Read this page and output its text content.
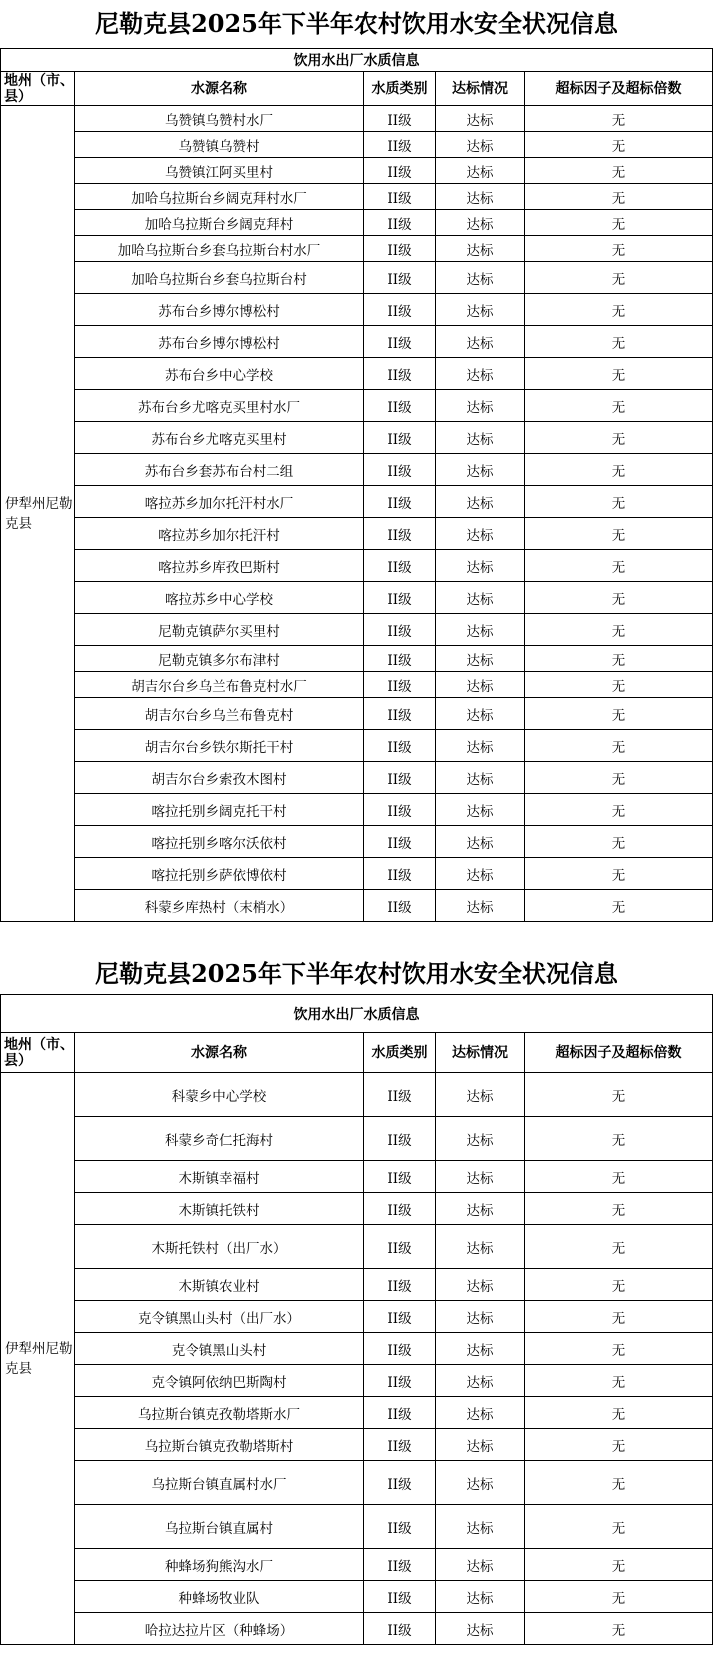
尼勒克县2025年下半年农村饮用水安全状况信息
饮用水出厂水质信息				
地州（市、县）	水源名称	水质类别	达标情况	超标因子及超标倍数
伊犁州尼勒克县	乌赞镇乌赞村水厂	II级	达标	无
	乌赞镇乌赞村	II级	达标	无
	乌赞镇江阿买里村	II级	达标	无
	加哈乌拉斯台乡阔克拜村水厂	II级	达标	无
	加哈乌拉斯台乡阔克拜村	II级	达标	无
	加哈乌拉斯台乡套乌拉斯台村水厂	II级	达标	无
	加哈乌拉斯台乡套乌拉斯台村	II级	达标	无
	苏布台乡博尔博松村	II级	达标	无
	苏布台乡博尔博松村	II级	达标	无
	苏布台乡中心学校	II级	达标	无
	苏布台乡尤喀克买里村水厂	II级	达标	无
	苏布台乡尤喀克买里村	II级	达标	无
	苏布台乡套苏布台村二组	II级	达标	无
	喀拉苏乡加尔托汗村水厂	II级	达标	无
	喀拉苏乡加尔托汗村	II级	达标	无
	喀拉苏乡库孜巴斯村	II级	达标	无
	喀拉苏乡中心学校	II级	达标	无
	尼勒克镇萨尔买里村	II级	达标	无
	尼勒克镇多尔布津村	II级	达标	无
	胡吉尔台乡乌兰布鲁克村水厂	II级	达标	无
	胡吉尔台乡乌兰布鲁克村	II级	达标	无
	胡吉尔台乡铁尔斯托干村	II级	达标	无
	胡吉尔台乡索孜木图村	II级	达标	无
	喀拉托别乡阔克托干村	II级	达标	无
	喀拉托别乡喀尔沃依村	II级	达标	无
	喀拉托别乡萨依博依村	II级	达标	无
	科蒙乡库热村（末梢水）	II级	达标	无
尼勒克县2025年下半年农村饮用水安全状况信息
饮用水出厂水质信息				
地州（市、县）	水源名称	水质类别	达标情况	超标因子及超标倍数
伊犁州尼勒克县	科蒙乡中心学校	II级	达标	无
	科蒙乡奇仁托海村	II级	达标	无
	木斯镇幸福村	II级	达标	无
	木斯镇托铁村	II级	达标	无
	木斯托铁村（出厂水）	II级	达标	无
	木斯镇农业村	II级	达标	无
	克令镇黑山头村（出厂水）	II级	达标	无
	克令镇黑山头村	II级	达标	无
	克令镇阿依纳巴斯陶村	II级	达标	无
	乌拉斯台镇克孜勒塔斯水厂	II级	达标	无
	乌拉斯台镇克孜勒塔斯村	II级	达标	无
	乌拉斯台镇直属村水厂	II级	达标	无
	乌拉斯台镇直属村	II级	达标	无
	种蜂场狗熊沟水厂	II级	达标	无
	种蜂场牧业队	II级	达标	无
	哈拉达拉片区（种蜂场）	II级	达标	无
